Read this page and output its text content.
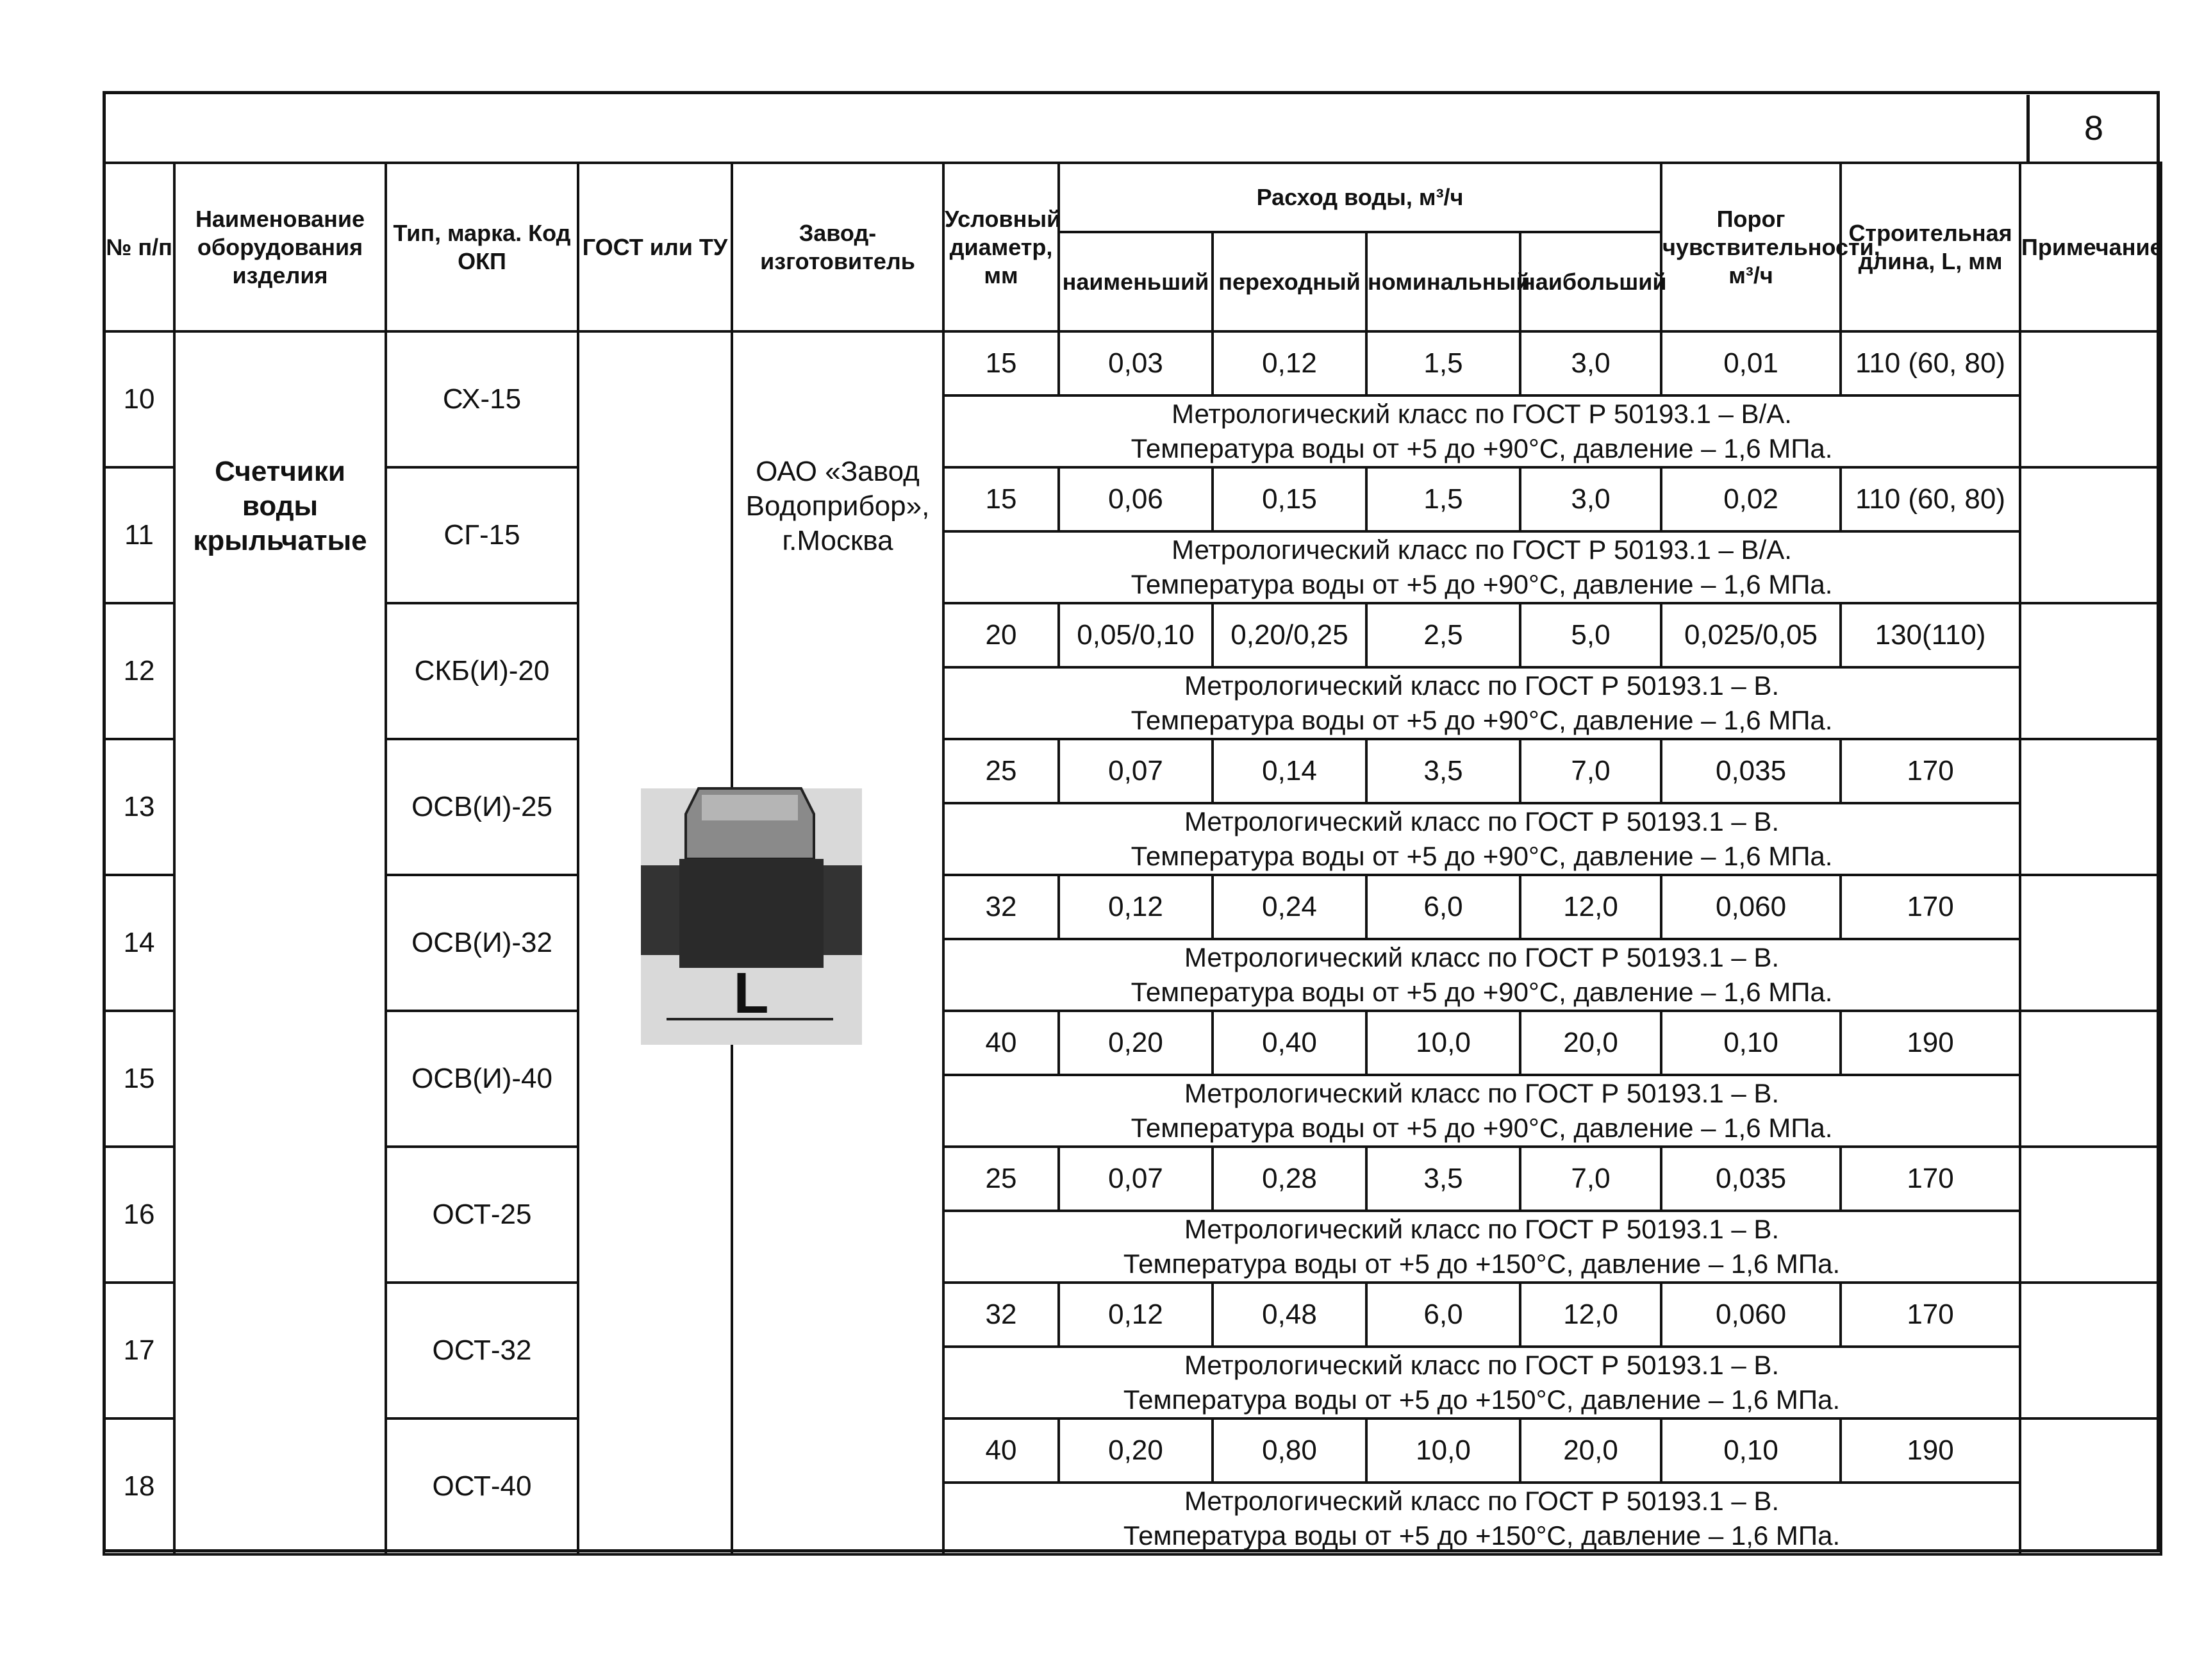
8
№ п/п	Наименование оборудования изделия	Тип, марка. Код ОКП	ГОСТ или ТУ	Завод-изготовитель	Условный диаметр, мм	Расход воды, м³/ч				Порог чувствительности, м³/ч	Строительная длина, L, мм	Примечание
						наименьший	переходный	номинальный	наибольший			
10	Счетчики воды крыльчатые	СХ-15		ОАО «Завод Водоприбор», г.Москва	15	0,03	0,12	1,5	3,0	0,01	110 (60, 80)	

					Метрологический класс по ГОСТ Р 50193.1 – В/А.
Температура воды от +5 до +90°С, давление – 1,6 МПа.							

11		СГ-15			15	0,06	0,15	1,5	3,0	0,02	110 (60, 80)	

					Метрологический класс по ГОСТ Р 50193.1 – В/А.
Температура воды от +5 до +90°С, давление – 1,6 МПа.							

12		СКБ(И)-20			20	0,05/0,10	0,20/0,25	2,5	5,0	0,025/0,05	130(110)	

					Метрологический класс по ГОСТ Р 50193.1 – В.
Температура воды от +5 до +90°С, давление – 1,6 МПа.							

13		ОСВ(И)-25			25	0,07	0,14	3,5	7,0	0,035	170	

					Метрологический класс по ГОСТ Р 50193.1 – В.
Температура воды от +5 до +90°С, давление – 1,6 МПа.							

14		ОСВ(И)-32			32	0,12	0,24	6,0	12,0	0,060	170	

					Метрологический класс по ГОСТ Р 50193.1 – В.
Температура воды от +5 до +90°С, давление – 1,6 МПа.							

15		ОСВ(И)-40			40	0,20	0,40	10,0	20,0	0,10	190	

					Метрологический класс по ГОСТ Р 50193.1 – В.
Температура воды от +5 до +90°С, давление – 1,6 МПа.							

16		ОСТ-25			25	0,07	0,28	3,5	7,0	0,035	170	

					Метрологический класс по ГОСТ Р 50193.1 – В.
Температура воды от +5 до +150°С, давление – 1,6 МПа.							

17		ОСТ-32			32	0,12	0,48	6,0	12,0	0,060	170	

					Метрологический класс по ГОСТ Р 50193.1 – В.
Температура воды от +5 до +150°С, давление – 1,6 МПа.							

18		ОСТ-40			40	0,20	0,80	10,0	20,0	0,10	190	

					Метрологический класс по ГОСТ Р 50193.1 – В.
Температура воды от +5 до +150°С, давление – 1,6 МПа.							
L
